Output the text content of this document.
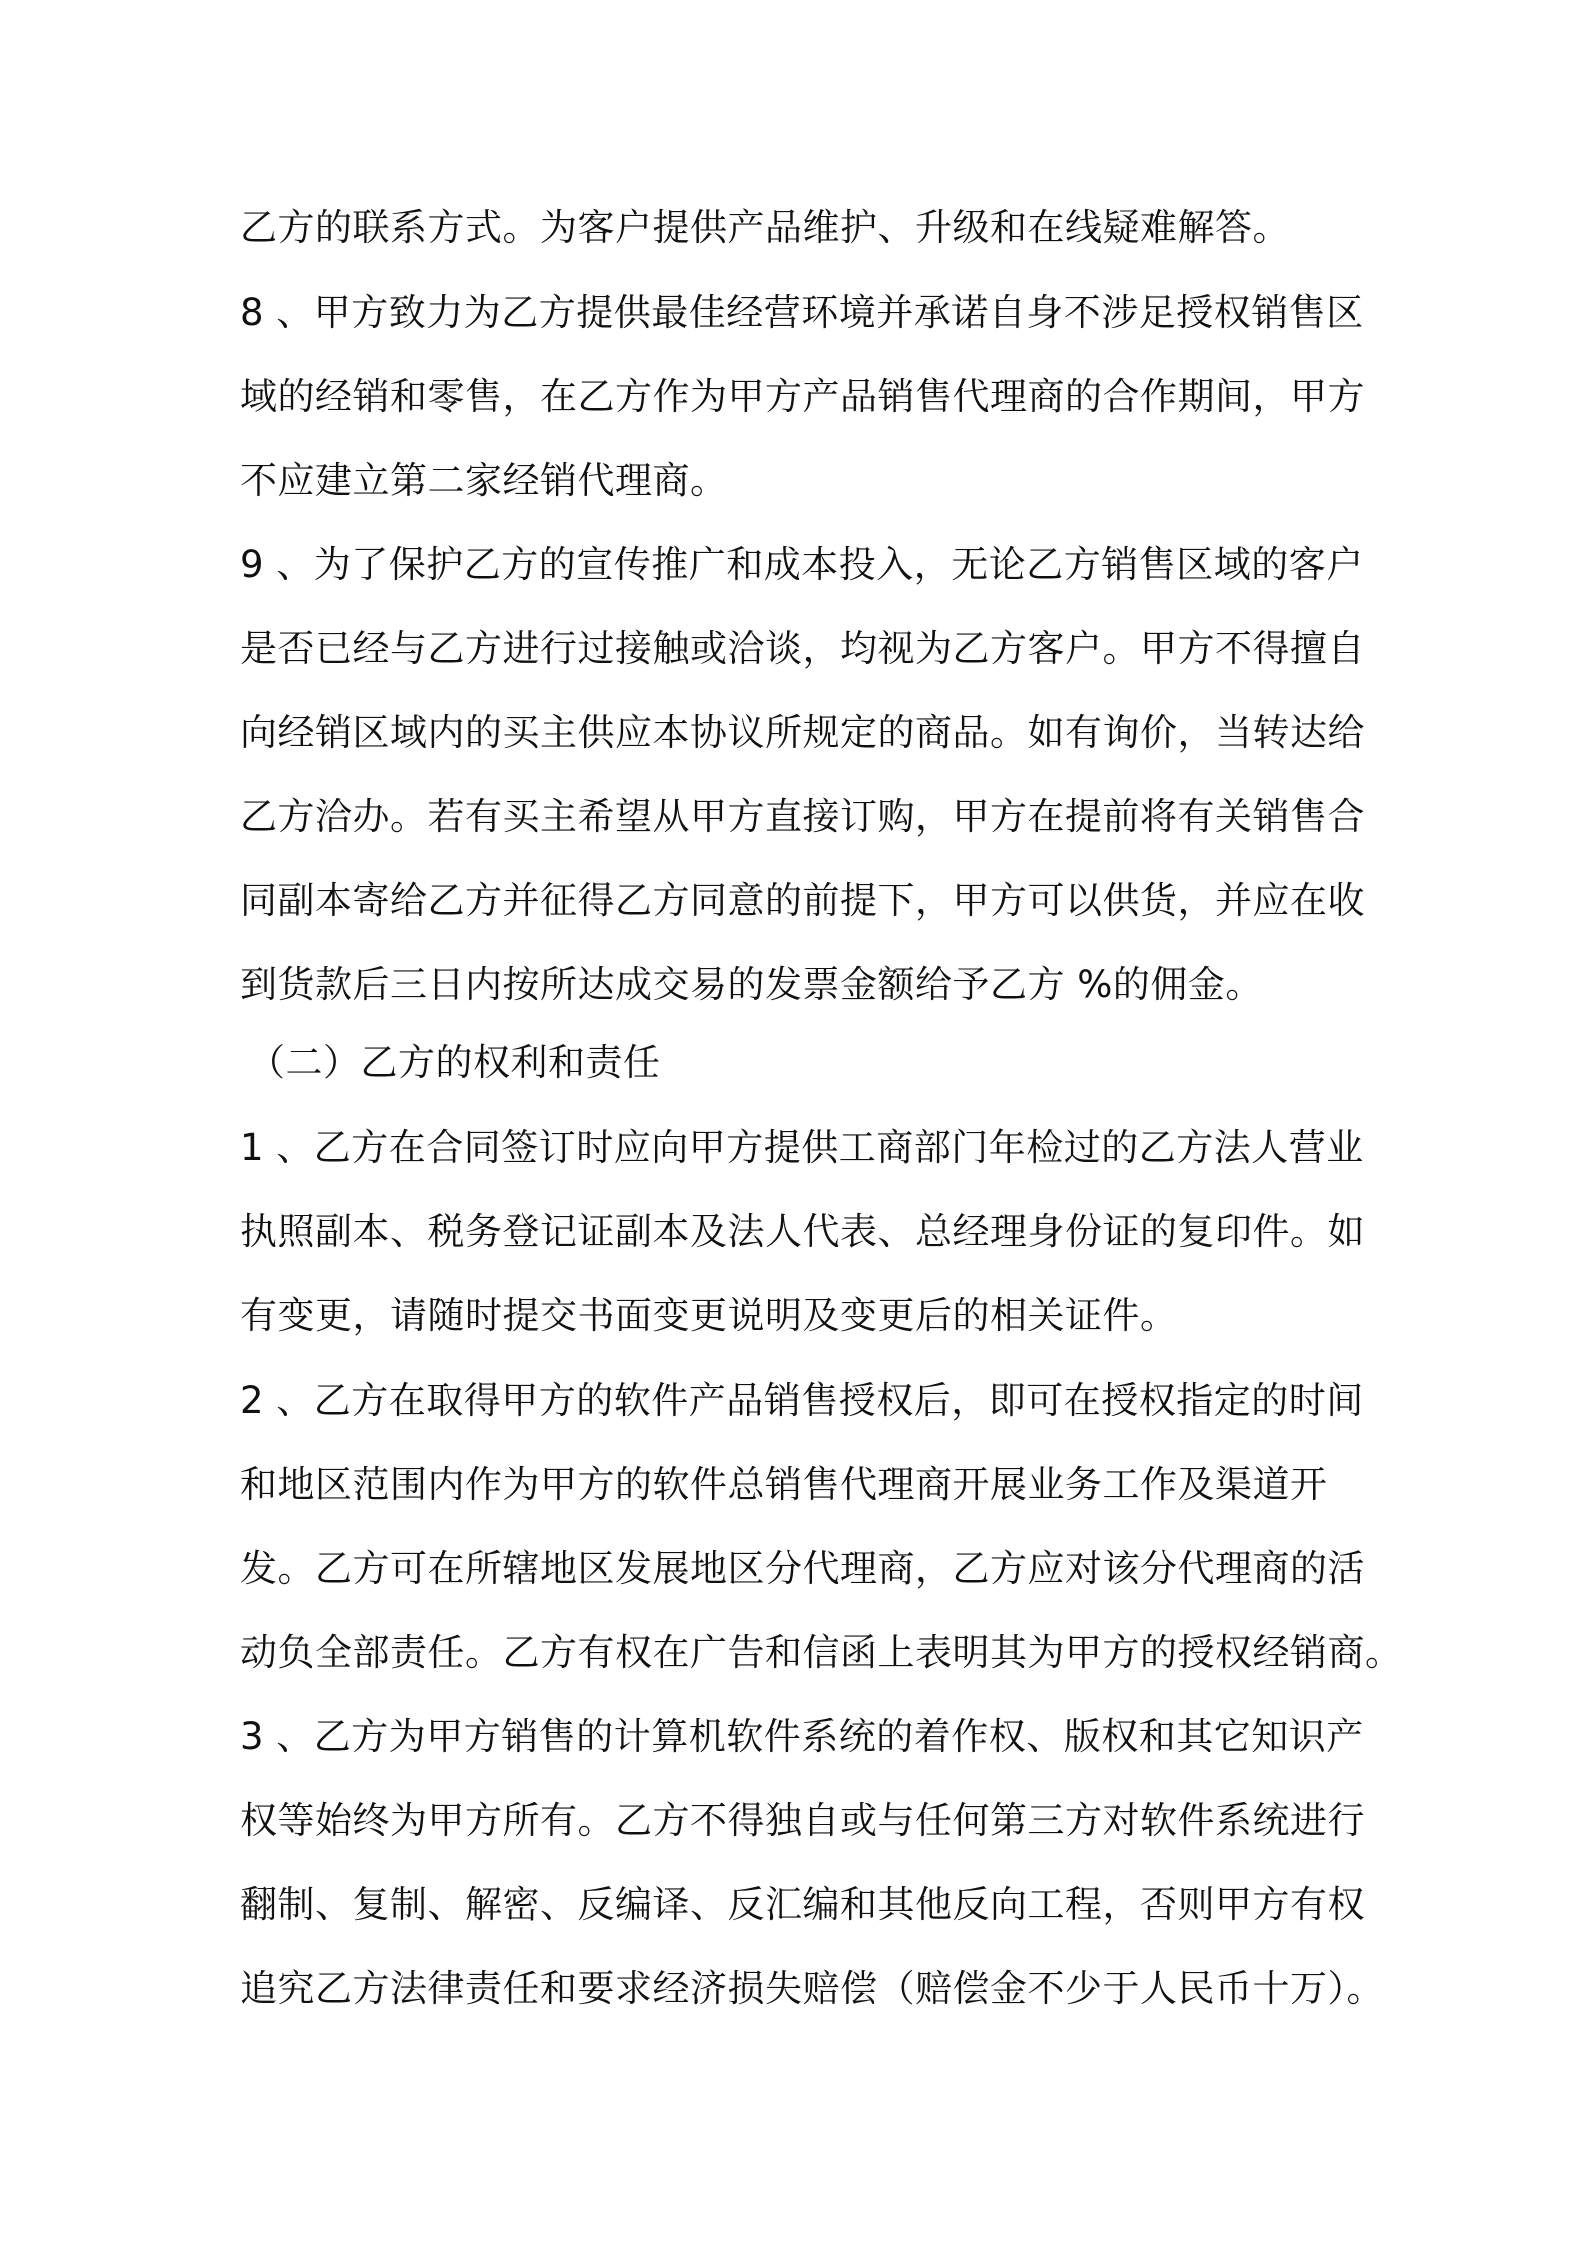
乙方的联系方式。为客户提供产品维护、升级和在线疑难解答。
8 、甲方致力为乙方提供最佳经营环境并承诺自身不涉足授权销售区
域的经销和零售，在乙方作为甲方产品销售代理商的合作期间，甲方
不应建立第二家经销代理商。
9 、为了保护乙方的宣传推广和成本投入，无论乙方销售区域的客户
是否已经与乙方进行过接触或洽谈，均视为乙方客户。甲方不得擅自
向经销区域内的买主供应本协议所规定的商品。如有询价，当转达给
乙方洽办。若有买主希望从甲方直接订购，甲方在提前将有关销售合
同副本寄给乙方并征得乙方同意的前提下，甲方可以供货，并应在收
到货款后三日内按所达成交易的发票金额给予乙方 %的佣金。
（二）乙方的权利和责任
1 、乙方在合同签订时应向甲方提供工商部门年检过的乙方法人营业
执照副本、税务登记证副本及法人代表、总经理身份证的复印件。如
有变更，请随时提交书面变更说明及变更后的相关证件。
2 、乙方在取得甲方的软件产品销售授权后，即可在授权指定的时间
和地区范围内作为甲方的软件总销售代理商开展业务工作及渠道开
发。乙方可在所辖地区发展地区分代理商，乙方应对该分代理商的活
动负全部责任。乙方有权在广告和信函上表明其为甲方的授权经销商。
3 、乙方为甲方销售的计算机软件系统的着作权、版权和其它知识产
权等始终为甲方所有。乙方不得独自或与任何第三方对软件系统进行
翻制、复制、解密、反编译、反汇编和其他反向工程，否则甲方有权
追究乙方法律责任和要求经济损失赔偿（赔偿金不少于人民币十万）。
